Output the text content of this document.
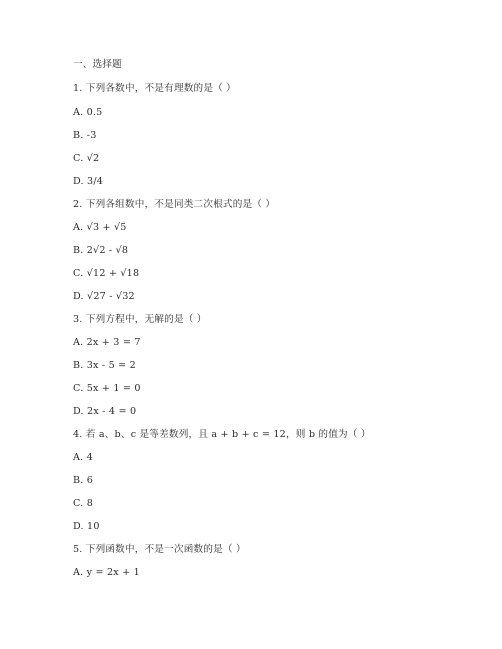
一、选择题
1. 下列各数中，不是有理数的是（ ）
A. 0.5
B. -3
C. √2
D. 3/4
2. 下列各组数中，不是同类二次根式的是（ ）
A. √3 + √5
B. 2√2 - √8
C. √12 + √18
D. √27 - √32
3. 下列方程中，无解的是（ ）
A. 2x + 3 = 7
B. 3x - 5 = 2
C. 5x + 1 = 0
D. 2x - 4 = 0
4. 若 a、b、c 是等差数列，且 a + b + c = 12，则 b 的值为（ ）
A. 4
B. 6
C. 8
D. 10
5. 下列函数中，不是一次函数的是（ ）
A. y = 2x + 1
